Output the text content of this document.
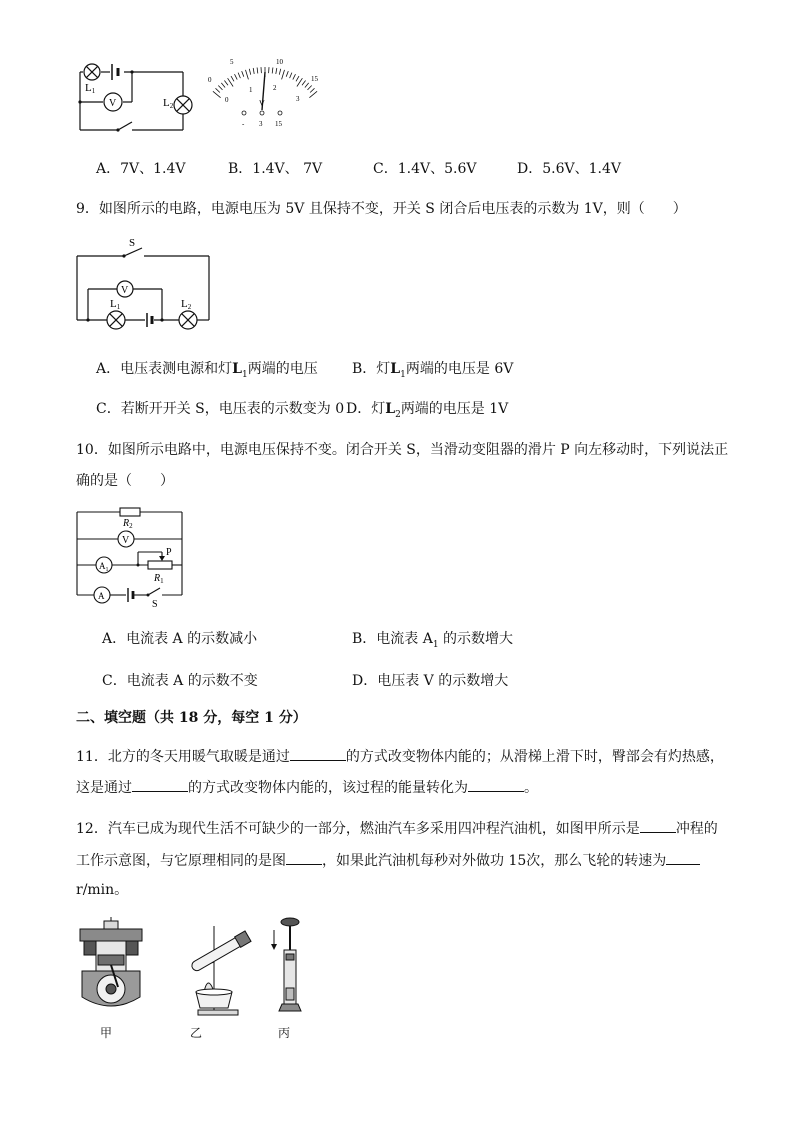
L1
V	L2
5	10
15
0
0
1	2
3
V
- 3 15
A．7V、1.4V	B．1.4V、 7V	C．1.4V、5.6V	D．5.6V、1.4V
9．如图所示的电路，电源电压为 5V 且保持不变，开关 S 闭合后电压表的示数为 1V，则（　　）
S
V
L1	L2
A．电压表测电源和灯$L_1$两端的电压 B．灯$L_1$两端的电压是 6V
C．若断开开关 S，电压表的示数变为 0 D．灯$L_2$两端的电压是 1V
10．如图所示电路中，电源电压保持不变。闭合开关 S，当滑动变阻器的滑片 P 向左移动时，下列说法正
确的是（　　）
$R_2$
V
P
$R_1$
$A_1$
A
S
A．电流表 A 的示数减小	B．电流表 $A_1$ 的示数增大
C．电流表 A 的示数不变	D．电压表 V 的示数增大
二、填空题（共 18 分，每空 1 分）
11．北方的冬天用暖气取暖是通过	的方式改变物体内能的；从滑梯上滑下时，臀部会有灼热感，
这是通过	的方式改变物体内能的，该过程的能量转化为	。
12．汽车已成为现代生活不可缺少的一部分，燃油汽车多采用四冲程汽油机，如图甲所示是	冲程的
工作示意图，与它原理相同的是图	，如果此汽油机每秒对外做功 15次，那么飞轮的转速为
r/min。
甲	乙	丙
